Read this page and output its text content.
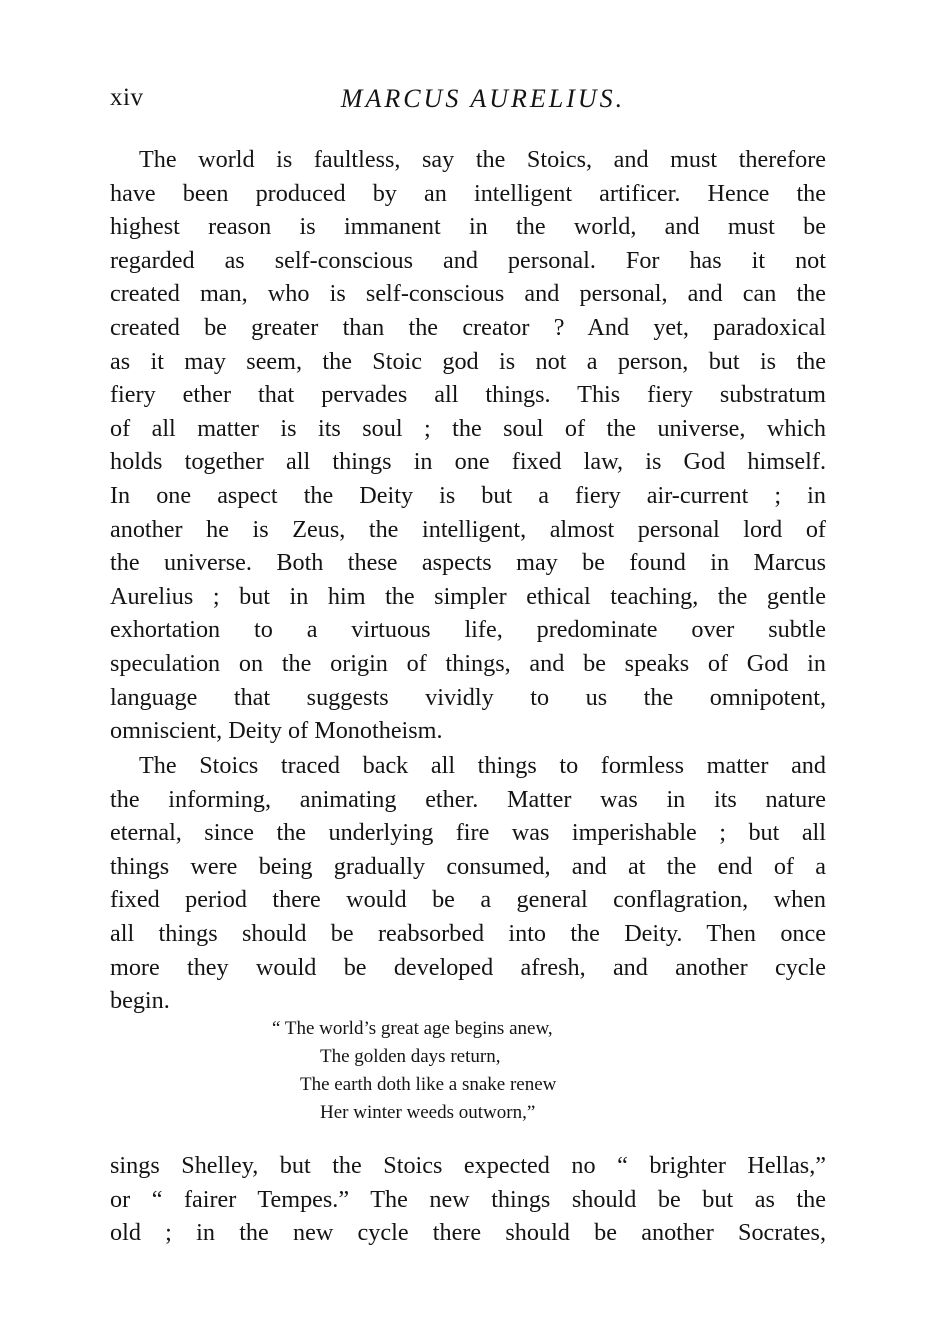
xiv	MARCUS AURELIUS.

The world is faultless, say the Stoics, and must therefore
have been produced by an intelligent artificer. Hence the
highest reason is immanent in the world, and must be
regarded as self-conscious and personal. For has it not
created man, who is self-conscious and personal, and can the
created be greater than the creator ? And yet, paradoxical
as it may seem, the Stoic god is not a person, but is the
fiery ether that pervades all things. This fiery substratum
of all matter is its soul ; the soul of the universe, which
holds together all things in one fixed law, is God himself.
In one aspect the Deity is but a fiery air-current ; in
another he is Zeus, the intelligent, almost personal lord of
the universe. Both these aspects may be found in Marcus
Aurelius ; but in him the simpler ethical teaching, the gentle
exhortation to a virtuous life, predominate over subtle
speculation on the origin of things, and be speaks of God in
language that suggests vividly to us the omnipotent,
omniscient, Deity of Monotheism.

The Stoics traced back all things to formless matter and
the informing, animating ether. Matter was in its nature
eternal, since the underlying fire was imperishable ; but all
things were being gradually consumed, and at the end of a
fixed period there would be a general conflagration, when
all things should be reabsorbed into the Deity. Then once
more they would be developed afresh, and another cycle
begin.

“ The world’s great age begins anew,
The golden days return,
The earth doth like a snake renew
Her winter weeds outworn,”

sings Shelley, but the Stoics expected no “ brighter Hellas,”
or “ fairer Tempes.” The new things should be but as the
old ; in the new cycle there should be another Socrates,
